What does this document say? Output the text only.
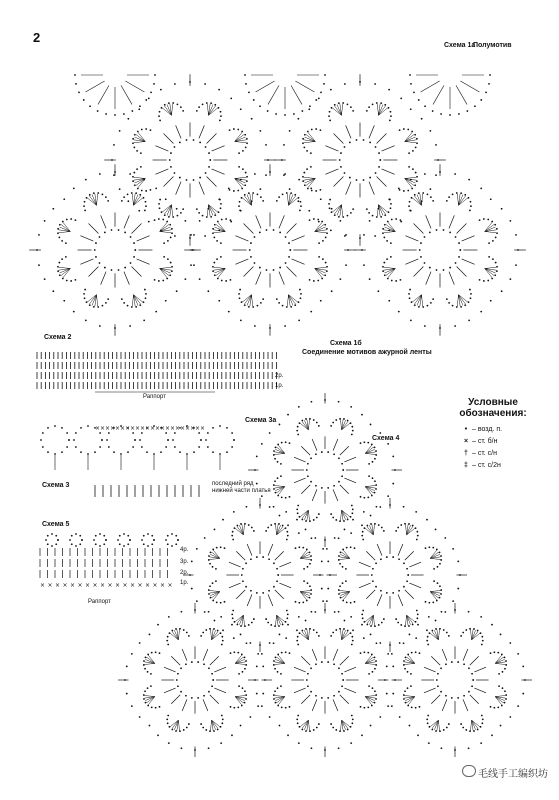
× × × × × × × × × × × × × × × × × × × × × ×
× × × × × × × × × × × × × × × × × ×
2
Схема 1а
Полумотив
Схема 1б
Соединение мотивов ажурной ленты
Схема 2
2р.
1р.
Раппорт
Схема 3а
Схема 3	последний ряд нижней части платья
Схема 4
Схема 5
4р.
3р.
2р.
1р.
Раппорт
Условные обозначения:
• – возд. п.
× – ст. б/н
† – ст. с/н
‡ – ст. с/2н
毛线手工编织坊
